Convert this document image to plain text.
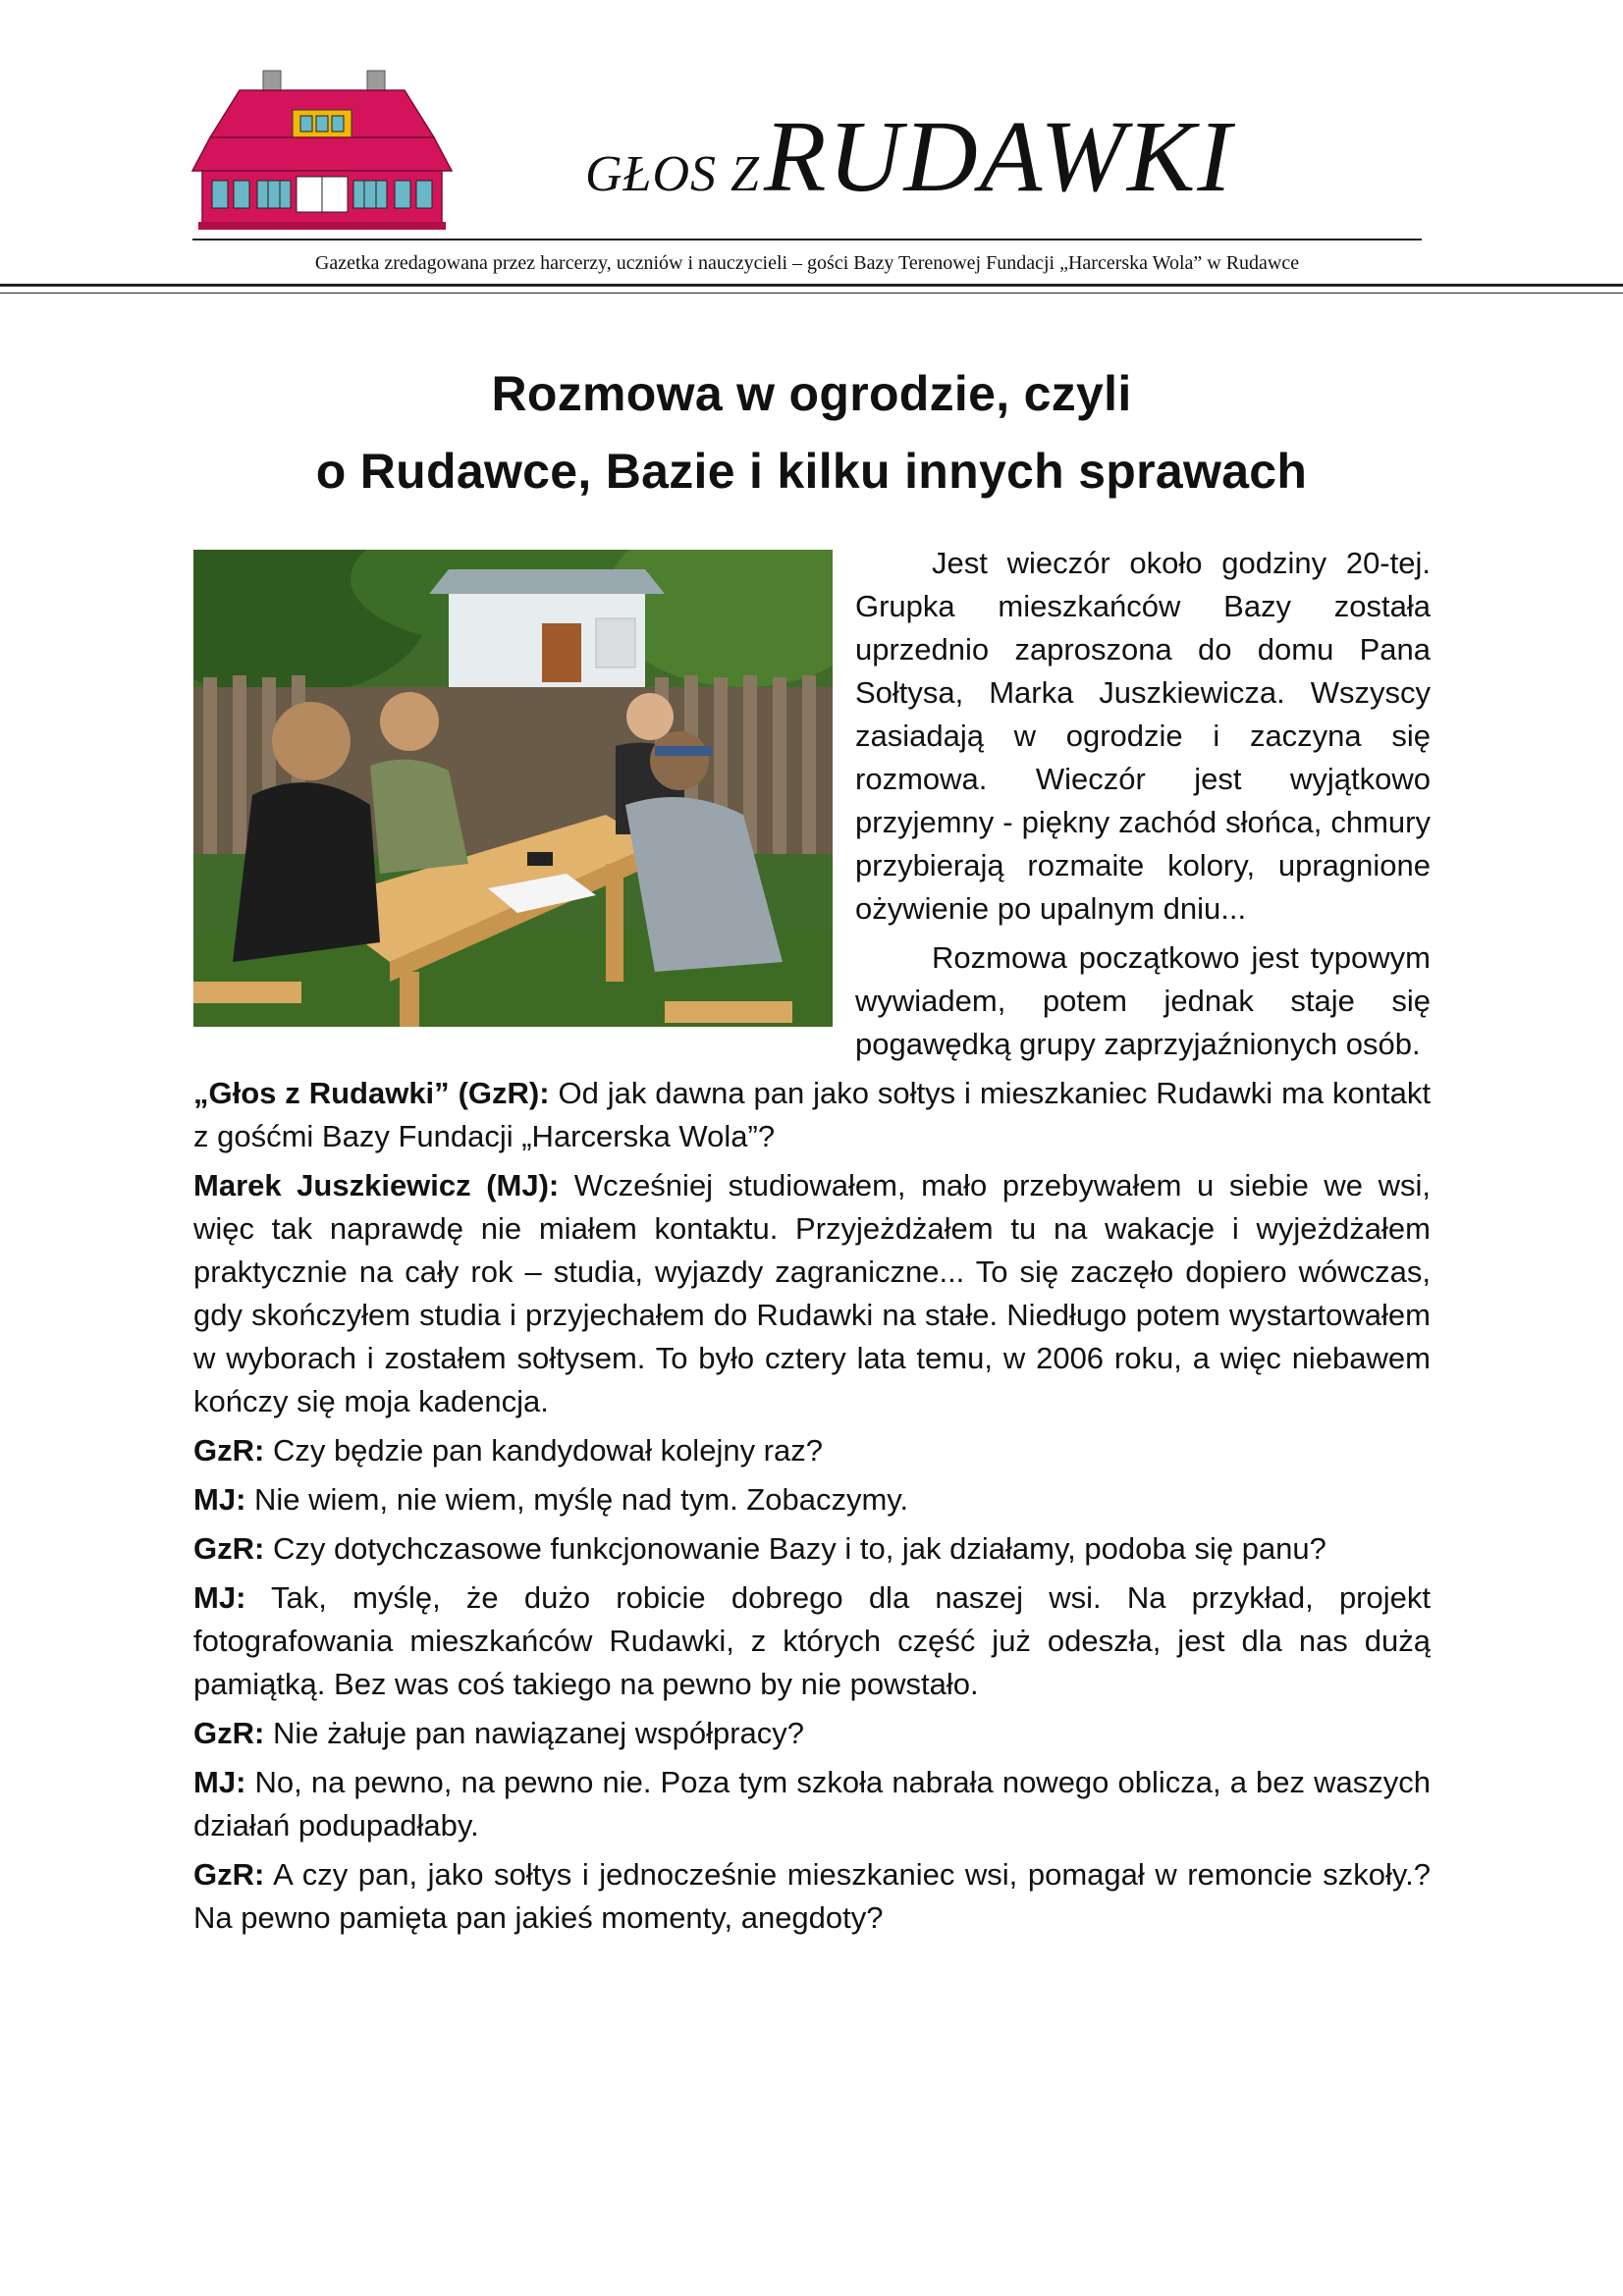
GŁOS Z RUDAWKI
Gazetka zredagowana przez harcerzy, uczniów i nauczycieli – gości Bazy Terenowej Fundacji „Harcerska Wola” w Rudawce
Rozmowa w ogrodzie, czyli
o Rudawce, Bazie i kilku innych sprawach

Jest wieczór około godziny 20-tej. Grupka mieszkańców Bazy została uprzednio zaproszona do domu Pana Sołtysa, Marka Juszkiewicza. Wszyscy zasiadają w ogrodzie i zaczyna się rozmowa. Wieczór jest wyjątkowo przyjemny - piękny zachód słońca, chmury przybierają rozmaite kolory, upragnione ożywienie po upalnym dniu...

Rozmowa początkowo jest typowym wywiadem, potem jednak staje się pogawędką grupy zaprzyjaźnionych osób.

„Głos z Rudawki” (GzR): Od jak dawna pan jako sołtys i mieszkaniec Rudawki ma kontakt z gośćmi Bazy Fundacji „Harcerska Wola”?

Marek Juszkiewicz (MJ): Wcześniej studiowałem, mało przebywałem u siebie we wsi, więc tak naprawdę nie miałem kontaktu. Przyjeżdżałem tu na wakacje i wyjeżdżałem praktycznie na cały rok – studia, wyjazdy zagraniczne... To się zaczęło dopiero wówczas, gdy skończyłem studia i przyjechałem do Rudawki na stałe. Niedługo potem wystartowałem w wyborach i zostałem sołtysem. To było cztery lata temu, w 2006 roku, a więc niebawem kończy się moja kadencja.

GzR: Czy będzie pan kandydował kolejny raz?

MJ: Nie wiem, nie wiem, myślę nad tym. Zobaczymy.

GzR: Czy dotychczasowe funkcjonowanie Bazy i to, jak działamy, podoba się panu?

MJ: Tak, myślę, że dużo robicie dobrego dla naszej wsi. Na przykład, projekt fotografowania mieszkańców Rudawki, z których część już odeszła, jest dla nas dużą pamiątką. Bez was coś takiego na pewno by nie powstało.

GzR: Nie żałuje pan nawiązanej współpracy?

MJ: No, na pewno, na pewno nie. Poza tym szkoła nabrała nowego oblicza, a bez waszych działań podupadłaby.

GzR: A czy pan, jako sołtys i jednocześnie mieszkaniec wsi, pomagał w remoncie szkoły.? Na pewno pamięta pan jakieś momenty, anegdoty?
